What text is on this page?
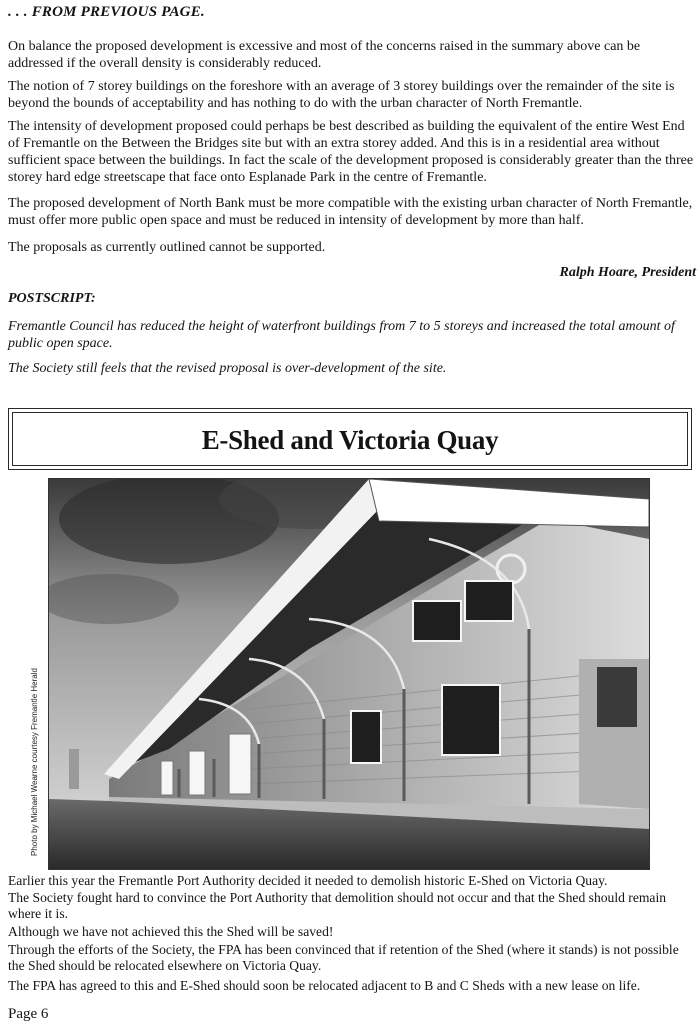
. . . FROM PREVIOUS PAGE.

On balance the proposed development is excessive and most of the concerns raised in the summary above can be addressed if the overall density is considerably reduced.

The notion of 7 storey buildings on the foreshore with an average of 3 storey buildings over the remainder of the site is beyond the bounds of acceptability and has nothing to do with the urban character of North Fremantle.

The intensity of development proposed could perhaps be best described as building the equivalent of the entire West End of Fremantle on the Between the Bridges site but with an extra storey added. And this is in a residential area without sufficient space between the buildings. In fact the scale of the development proposed is considerably greater than the three storey hard edge streetscape that face onto Esplanade Park in the centre of Fremantle.

The proposed development of North Bank must be more compatible with the existing urban character of North Fremantle, must offer more public open space and must be reduced in intensity of development by more than half.

The proposals as currently outlined cannot be supported.

Ralph Hoare, President
POSTSCRIPT:

Fremantle Council has reduced the height of waterfront buildings from 7 to 5 storeys and increased the total amount of public open space.

The Society still feels that the revised proposal is over-development of the site.

E-Shed and Victoria Quay
Photo by Michael Wearne courtesy Fremantle Herald

Earlier this year the Fremantle Port Authority decided it needed to demolish historic E-Shed on Victoria Quay.

The Society fought hard to convince the Port Authority that demolition should not occur and that the Shed should remain where it is.

Although we have not achieved this the Shed will be saved!

Through the efforts of the Society, the FPA has been convinced that if retention of the Shed (where it stands) is not possible the Shed should be relocated elsewhere on Victoria Quay.

The FPA has agreed to this and E-Shed should soon be relocated adjacent to B and C Sheds with a new lease on life.

Page 6
